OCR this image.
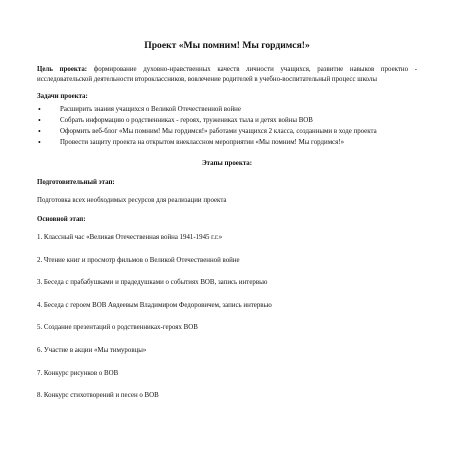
Проект «Мы помним! Мы гордимся!»

Цель проекта: формирование духовно-нравственных качеств личности учащихся, развитие навыков проектно - исследовательской деятельности второклассников, вовлечение родителей в учебно-воспитательный процесс школы

Задачи проекта:
•	Расширить знания учащихся о Великой Отечественной войне
•	Собрать информацию о родственниках - героях, тружениках тыла и детях войны ВОВ
•	Оформить веб-блог «Мы помним! Мы гордимся!» работами учащихся 2 класса, созданными в ходе проекта
•	Провести защиту проекта на открытом внеклассном мероприятии «Мы помним! Мы гордимся!»
Этапы проекта:
Подготовительный этап:
Подготовка всех необходимых ресурсов для реализации проекта
Основной этап:
1. Классный час «Великая Отечественная война 1941-1945 г.г.»
2. Чтение книг и просмотр фильмов о Великой Отечественной войне
3. Беседа с прабабушками и прадедушками о событиях ВОВ, запись интервью
4. Беседа с героем ВОВ Авдеевым Владимиром Федоровичем, запись интервью
5. Создание презентаций о родственниках-героях ВОВ
6. Участие в акции «Мы тимуровцы»
7. Конкурс рисунков о ВОВ
8. Конкурс стихотворений и песен о ВОВ
